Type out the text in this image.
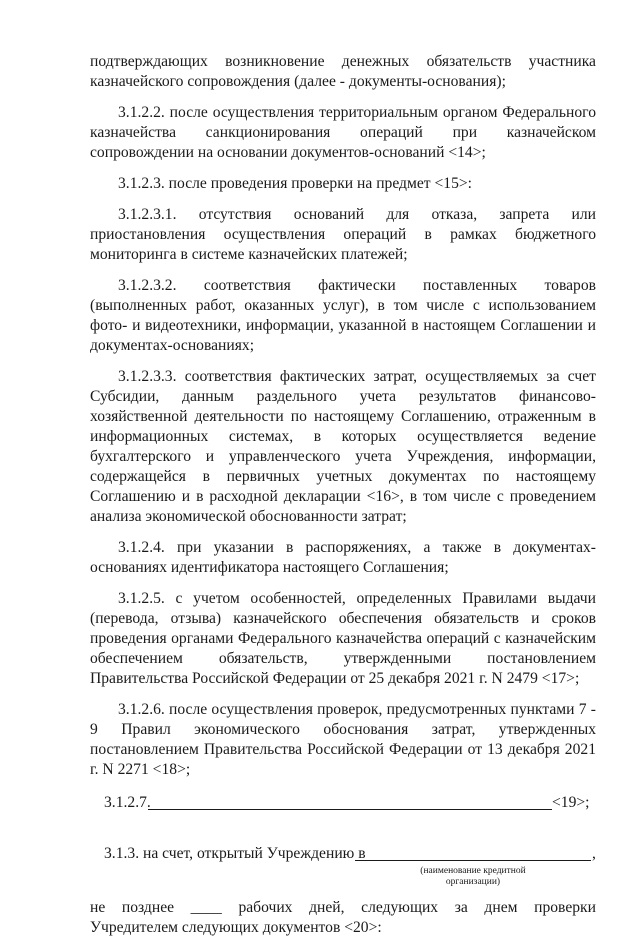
подтверждающих возникновение денежных обязательств участника

казначейского сопровождения (далее - документы-основания);

3.1.2.2. после осуществления территориальным органом Федерального казначейства санкционирования операций при казначейском сопровождении на основании документов-оснований <14>;

3.1.2.3. после проведения проверки на предмет <15>:

3.1.2.3.1. отсутствия оснований для отказа, запрета или приостановления осуществления операций в рамках бюджетного мониторинга в системе казначейских платежей;

3.1.2.3.2. соответствия фактически поставленных товаров (выполненных работ, оказанных услуг), в том числе с использованием фото- и видеотехники, информации, указанной в настоящем Соглашении и документах-основаниях;

3.1.2.3.3. соответствия фактических затрат, осуществляемых за счет Субсидии, данным раздельного учета результатов финансово-хозяйственной деятельности по настоящему Соглашению, отраженным в информационных системах, в которых осуществляется ведение бухгалтерского и управленческого учета Учреждения, информации, содержащейся в первичных учетных документах по настоящему Соглашению и в расходной декларации <16>, в том числе с проведением анализа экономической обоснованности затрат;

3.1.2.4. при указании в распоряжениях, а также в документах-основаниях идентификатора настоящего Соглашения;

3.1.2.5. с учетом особенностей, определенных Правилами выдачи (перевода, отзыва) казначейского обеспечения обязательств и сроков проведения органами Федерального казначейства операций с казначейским обеспечением обязательств, утвержденными постановлением Правительства Российской Федерации от 25 декабря 2021 г. N 2479 <17>;

3.1.2.6. после осуществления проверок, предусмотренных пунктами 7 - 9 Правил экономического обоснования затрат, утвержденных постановлением Правительства Российской Федерации от 13 декабря 2021 г. N 2271 <18>;

3.1.2.7.	<19>;
3.1.3. на счет, открытый Учреждению в	,
(наименование кредитной
организации)
не позднее ____ рабочих дней, следующих за днем проверки

Учредителем следующих документов <20>:
